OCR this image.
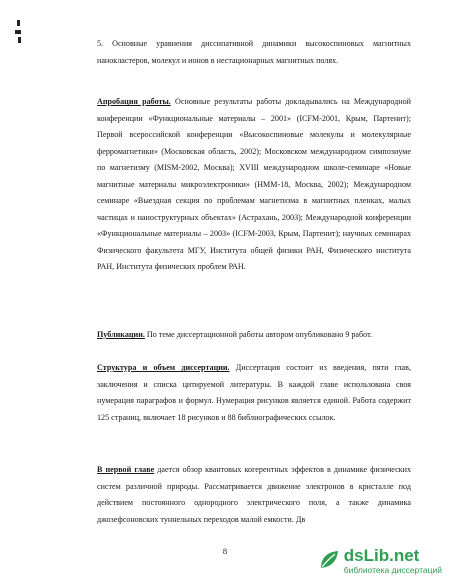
5. Основные уравнения диссипативной динамики высокоспиновых магнитных нанокластеров, молекул и ионов в нестационарных магнитных полях.

Апробация работы. Основные результаты работы докладывались на Международной конференции «Функциональные материалы – 2001» (ICFM-2001, Крым, Партенит); Первой всероссийской конференции «Высокоспиновые молекулы и молекулярные ферромагнетики» (Московская область, 2002); Московском международном симпозиуме по магнетизму (MISM-2002, Москва); XVIII международном школе-семинаре «Новые магнитные материалы микроэлектроники» (НММ-18, Москва, 2002); Международном семинаре «Выездная секция по проблемам магнетизма в магнитных пленках, малых частицах и наноструктурных объектах» (Астрахань, 2003); Международной конференции «Функциональные материалы – 2003» (ICFM-2003, Крым, Партенит); научных семинарах Физического факультета МГУ, Института общей физики РАН, Физического института РАН, Института физических проблем РАН.

Публикации. По теме диссертационной работы автором опубликовано 9 работ.

Структура и объем диссертации. Диссертация состоит из введения, пяти глав, заключения и списка цитируемой литературы. В каждой главе использована своя нумерация параграфов и формул. Нумерация рисунков является единой. Работа содержит 125 страниц, включает 18 рисунков и 88 библиографических ссылок.

В первой главе дается обзор квантовых когерентных эффектов в динамике физических систем различной природы. Рассматривается движение электронов в кристалле под действием постоянного однородного электрического поля, а также динамика джозефсоновских туннельных переходов малой емкости. Дв

8	dsLib.net
библиотека диссертаций
